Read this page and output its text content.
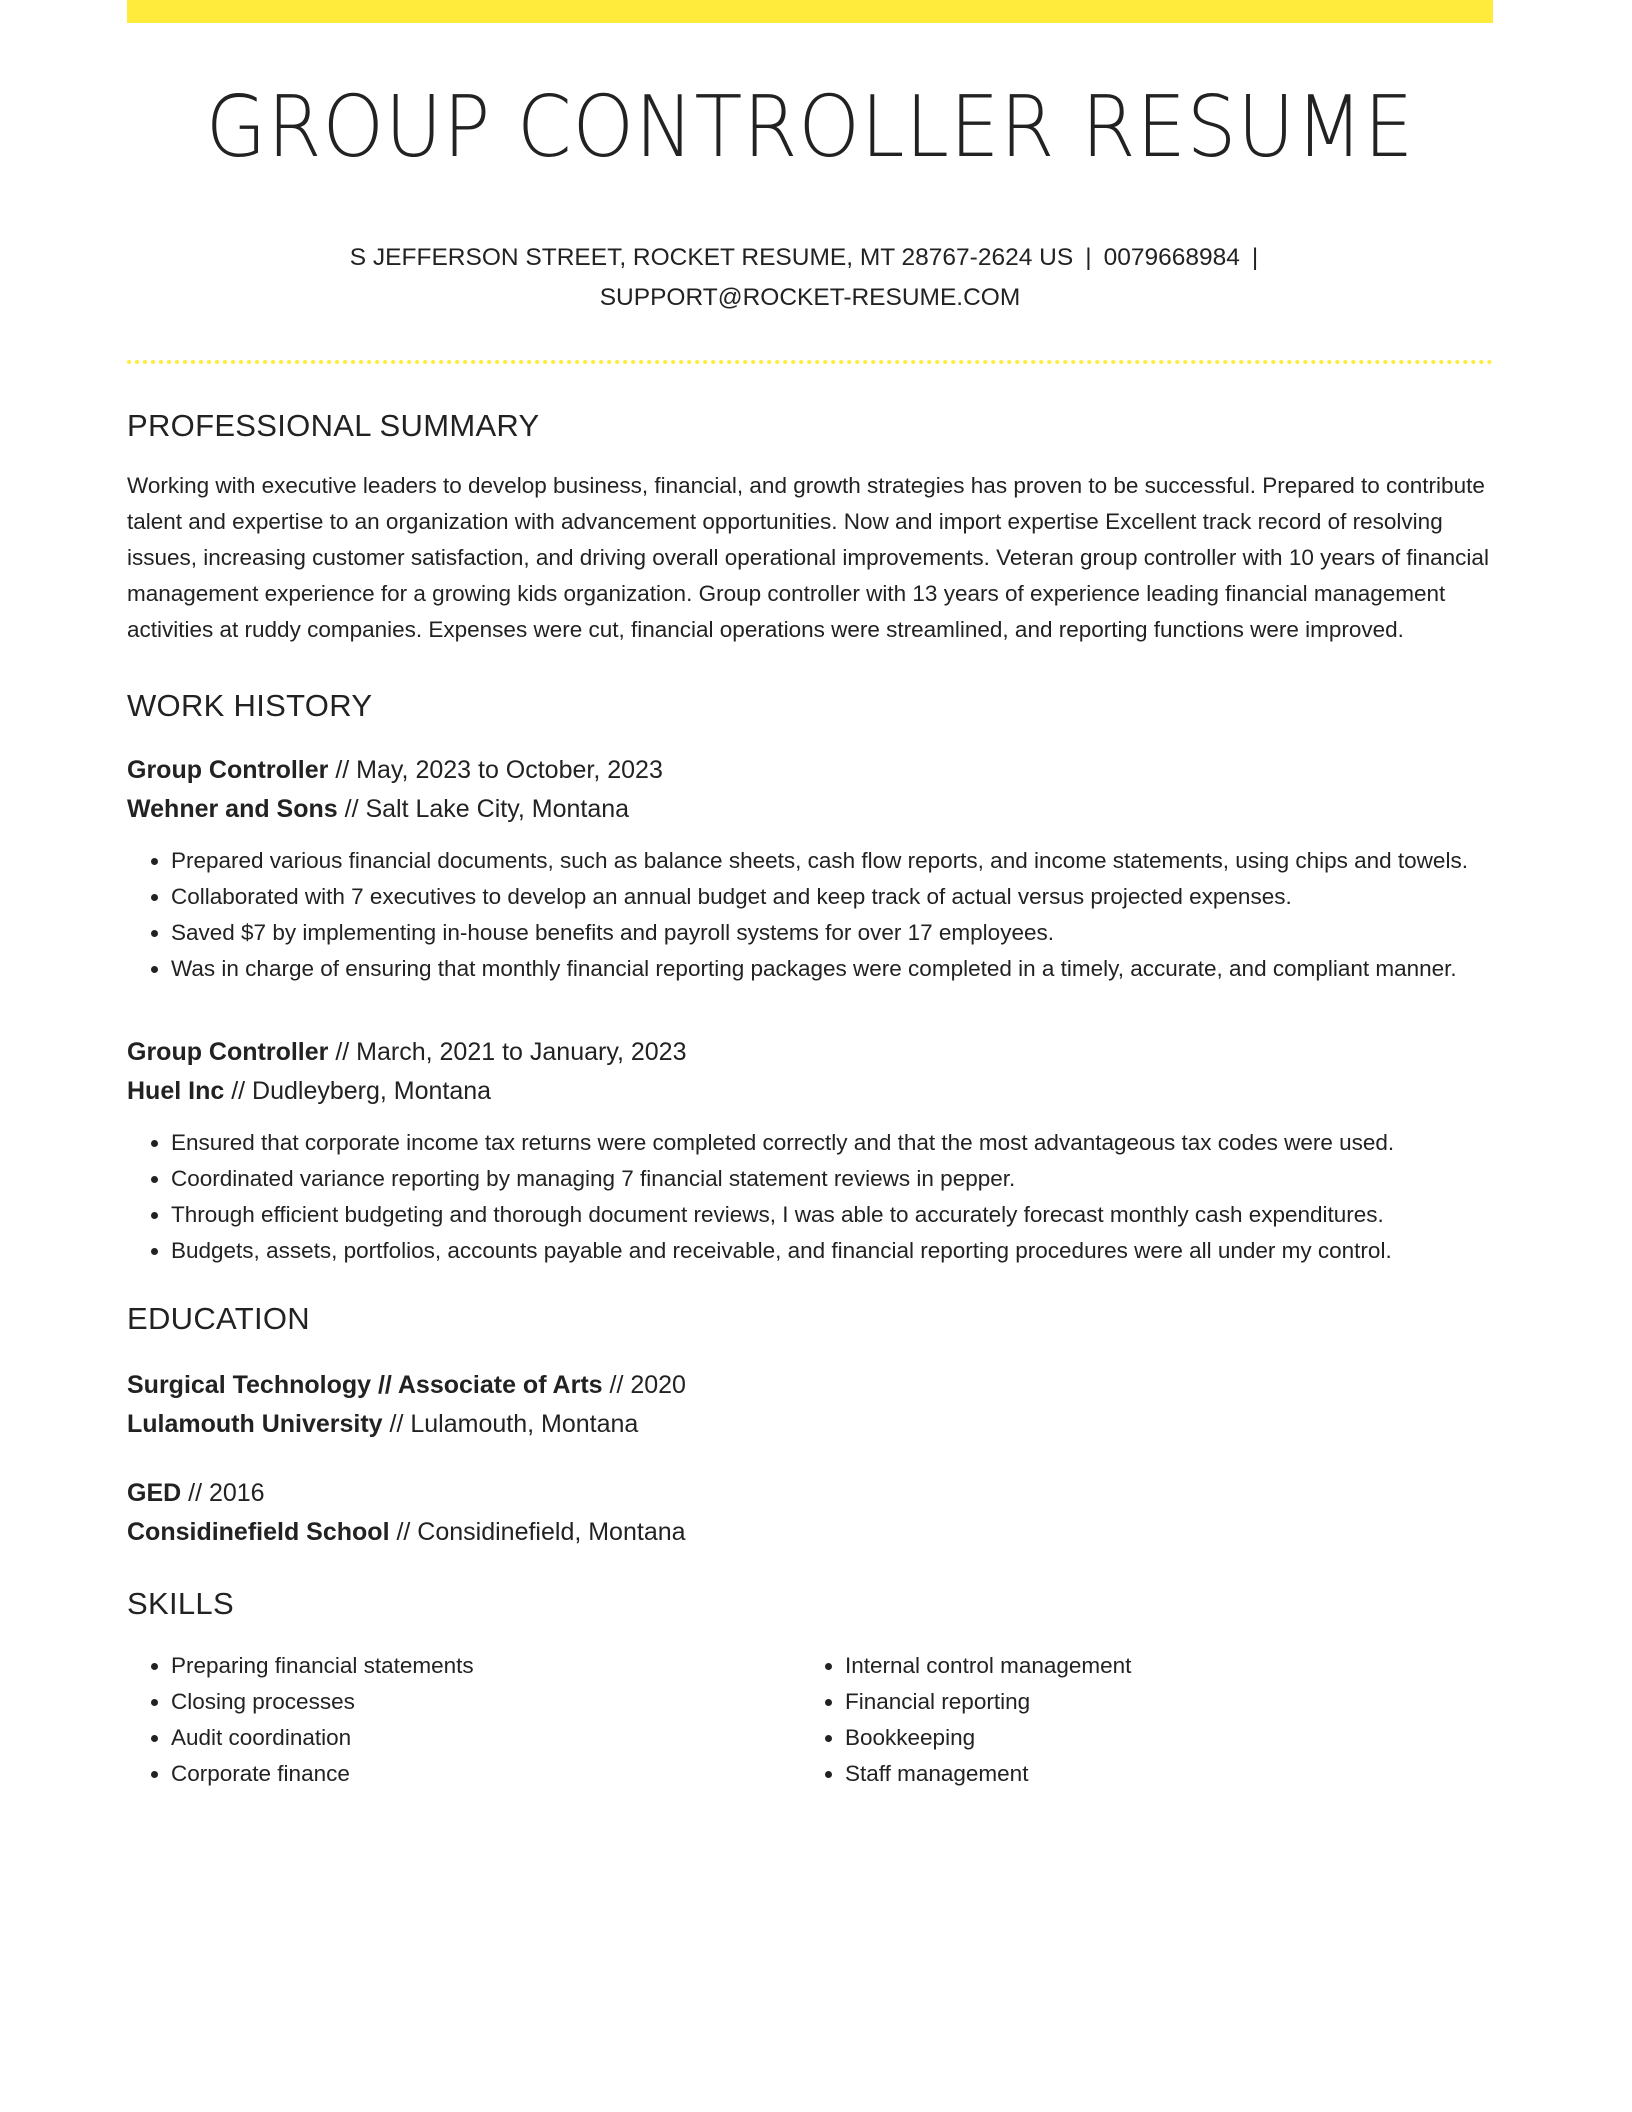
GROUP CONTROLLER RESUME
S JEFFERSON STREET, ROCKET RESUME, MT 28767-2624 US | 0079668984 |
SUPPORT@ROCKET-RESUME.COM
PROFESSIONAL SUMMARY

Working with executive leaders to develop business, financial, and growth strategies has proven to be successful. Prepared to contribute talent and expertise to an organization with advancement opportunities. Now and import expertise Excellent track record of resolving issues, increasing customer satisfaction, and driving overall operational improvements. Veteran group controller with 10 years of financial management experience for a growing kids organization. Group controller with 13 years of experience leading financial management activities at ruddy companies. Expenses were cut, financial operations were streamlined, and reporting functions were improved.

WORK HISTORY
Group Controller // May, 2023 to October, 2023
Wehner and Sons // Salt Lake City, Montana
• Prepared various financial documents, such as balance sheets, cash flow reports, and income statements, using chips and towels.
• Collaborated with 7 executives to develop an annual budget and keep track of actual versus projected expenses.
• Saved $7 by implementing in-house benefits and payroll systems for over 17 employees.
• Was in charge of ensuring that monthly financial reporting packages were completed in a timely, accurate, and compliant manner.
Group Controller // March, 2021 to January, 2023
Huel Inc // Dudleyberg, Montana
• Ensured that corporate income tax returns were completed correctly and that the most advantageous tax codes were used.
• Coordinated variance reporting by managing 7 financial statement reviews in pepper.
• Through efficient budgeting and thorough document reviews, I was able to accurately forecast monthly cash expenditures.
• Budgets, assets, portfolios, accounts payable and receivable, and financial reporting procedures were all under my control.
EDUCATION
Surgical Technology // Associate of Arts // 2020
Lulamouth University // Lulamouth, Montana
GED // 2016
Considinefield School // Considinefield, Montana
SKILLS
• Preparing financial statements
• Closing processes
• Audit coordination
• Corporate finance
• Internal control management
• Financial reporting
• Bookkeeping
• Staff management
